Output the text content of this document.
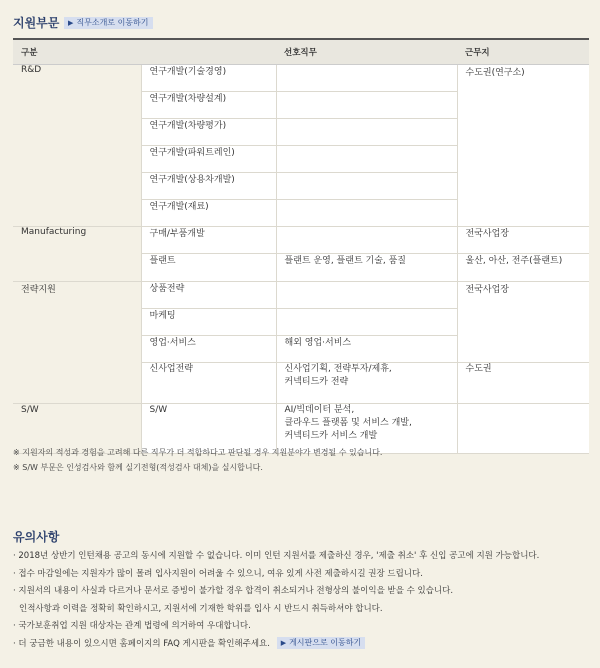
지원부문 ▶ 직무소개로 이동하기
구분		선호직무	근무지
R&D	연구개발(기술경영)		수도권(연구소)
	연구개발(차량설계)		
	연구개발(차량평가)		
	연구개발(파워트레인)		
	연구개발(상용차개발)		
	연구개발(재료)		
Manufacturing	구매/부품개발		전국사업장
	플랜트	플랜트 운영, 플랜트 기술, 품질	울산, 아산, 전주(플랜트)
전략지원	상품전략		전국사업장
	마케팅		
	영업·서비스	해외 영업·서비스	
	신사업전략	신사업기획, 전략투자/제휴,
커넥티드카 전략	수도권
S/W	S/W	AI/빅데이터 분석,
클라우드 플랫폼 및 서비스 개발,
커넥티드카 서비스 개발	
※ 지원자의 적성과 경험을 고려해 다른 직무가 더 적합하다고 판단될 경우 지원분야가 변경될 수 있습니다.
※ S/W 부문은 인성검사와 함께 실기전형(적성검사 대체)을 실시합니다.
유의사항
· 2018년 상반기 인턴채용 공고의 동시에 지원할 수 없습니다. 이미 인턴 지원서를 제출하신 경우, '제출 취소' 후 신입 공고에 지원 가능합니다.
· 접수 마감일에는 지원자가 많이 몰려 입사지원이 어려울 수 있으니, 여유 있게 사전 제출하시길 권장 드립니다.
· 지원서의 내용이 사실과 다르거나 문서로 증빙이 불가할 경우 합격이 취소되거나 전형상의 불이익을 받을 수 있습니다.
인적사항과 이력을 정확히 확인하시고, 지원서에 기재한 학위를 입사 시 반드시 취득하셔야 합니다.
· 국가보훈취업 지원 대상자는 관계 법령에 의거하여 우대합니다.
· 더 궁금한 내용이 있으시면 홈페이지의 FAQ 게시판을 확인해주세요. ▶ 게시판으로 이동하기
